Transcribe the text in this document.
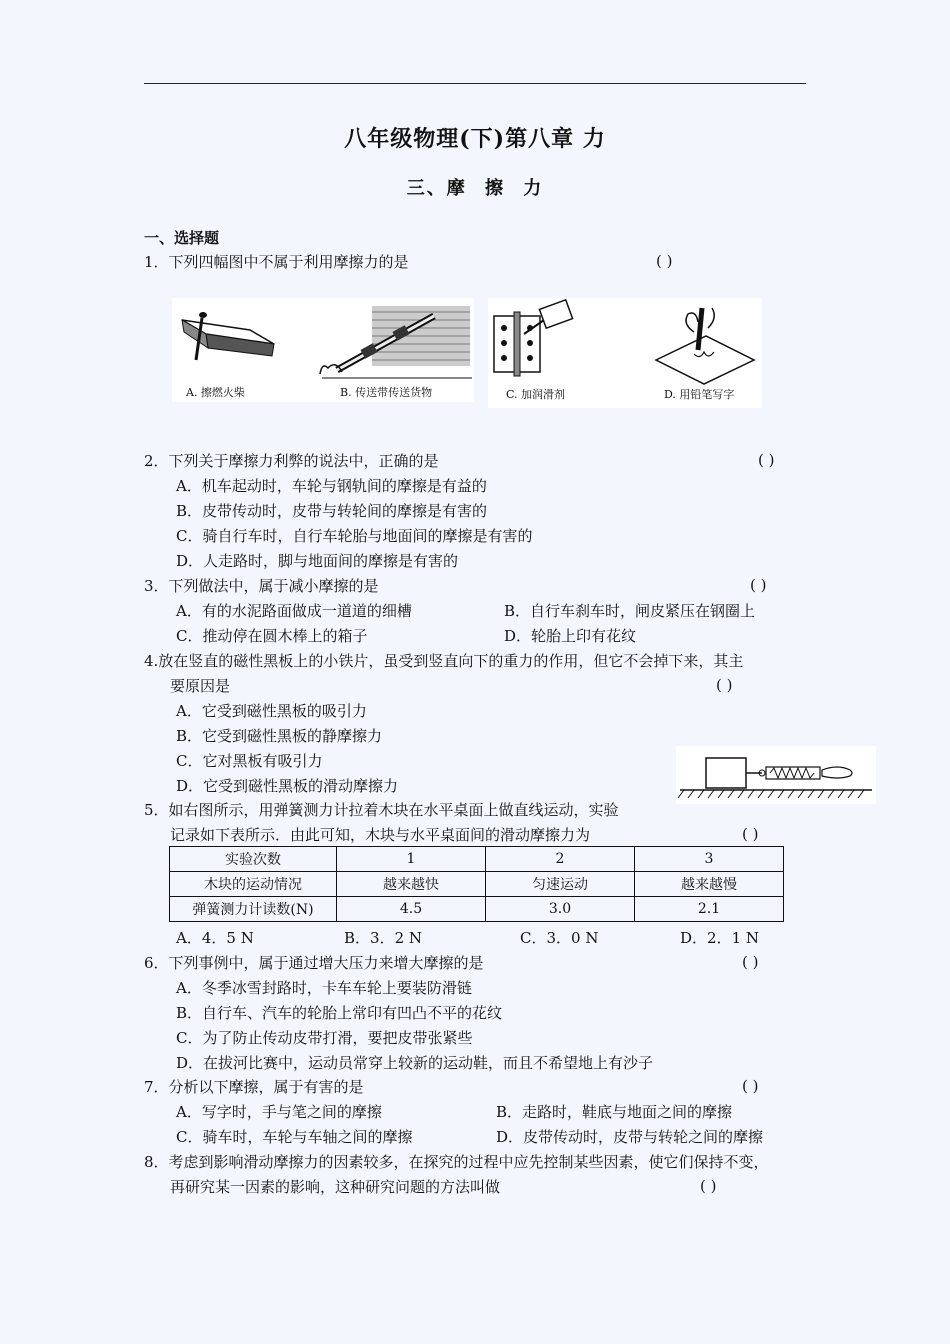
八年级物理(下)第八章 力
三、摩 擦 力
一、选择题
1．下列四幅图中不属于利用摩擦力的是	( )
A. 擦燃火柴	B. 传送带传送货物	C. 加润滑剂	D. 用铅笔写字
2．下列关于摩擦力利弊的说法中，正确的是	( )
A．机车起动时，车轮与钢轨间的摩擦是有益的
B．皮带传动时，皮带与转轮间的摩擦是有害的
C．骑自行车时，自行车轮胎与地面间的摩擦是有害的
D．人走路时，脚与地面间的摩擦是有害的
3．下列做法中，属于减小摩擦的是	( )
A．有的水泥路面做成一道道的细槽	B．自行车刹车时，闸皮紧压在钢圈上
C．推动停在圆木棒上的箱子	D．轮胎上印有花纹
4.放在竖直的磁性黑板上的小铁片，虽受到竖直向下的重力的作用，但它不会掉下来，其主
要原因是	( )
A．它受到磁性黑板的吸引力
B．它受到磁性黑板的静摩擦力
C．它对黑板有吸引力
D．它受到磁性黑板的滑动摩擦力
5．如右图所示，用弹簧测力计拉着木块在水平桌面上做直线运动，实验
记录如下表所示．由此可知，木块与水平桌面间的滑动摩擦力为	( )
实验次数	1	2	3
木块的运动情况	越来越快	匀速运动	越来越慢
弹簧测力计读数(N)	4.5	3.0	2.1
A．4．5 N	B．3．2 N	C．3．0 N	D．2．1 N
6．下列事例中，属于通过增大压力来增大摩擦的是	( )
A．冬季冰雪封路时，卡车车轮上要装防滑链
B．自行车、汽车的轮胎上常印有凹凸不平的花纹
C．为了防止传动皮带打滑，要把皮带张紧些
D．在拔河比赛中，运动员常穿上较新的运动鞋，而且不希望地上有沙子
7．分析以下摩擦，属于有害的是	( )
A．写字时，手与笔之间的摩擦	B．走路时，鞋底与地面之间的摩擦
C．骑车时，车轮与车轴之间的摩擦	D．皮带传动时，皮带与转轮之间的摩擦
8．考虑到影响滑动摩擦力的因素较多，在探究的过程中应先控制某些因素，使它们保持不变，
再研究某一因素的影响，这种研究问题的方法叫做	( )
